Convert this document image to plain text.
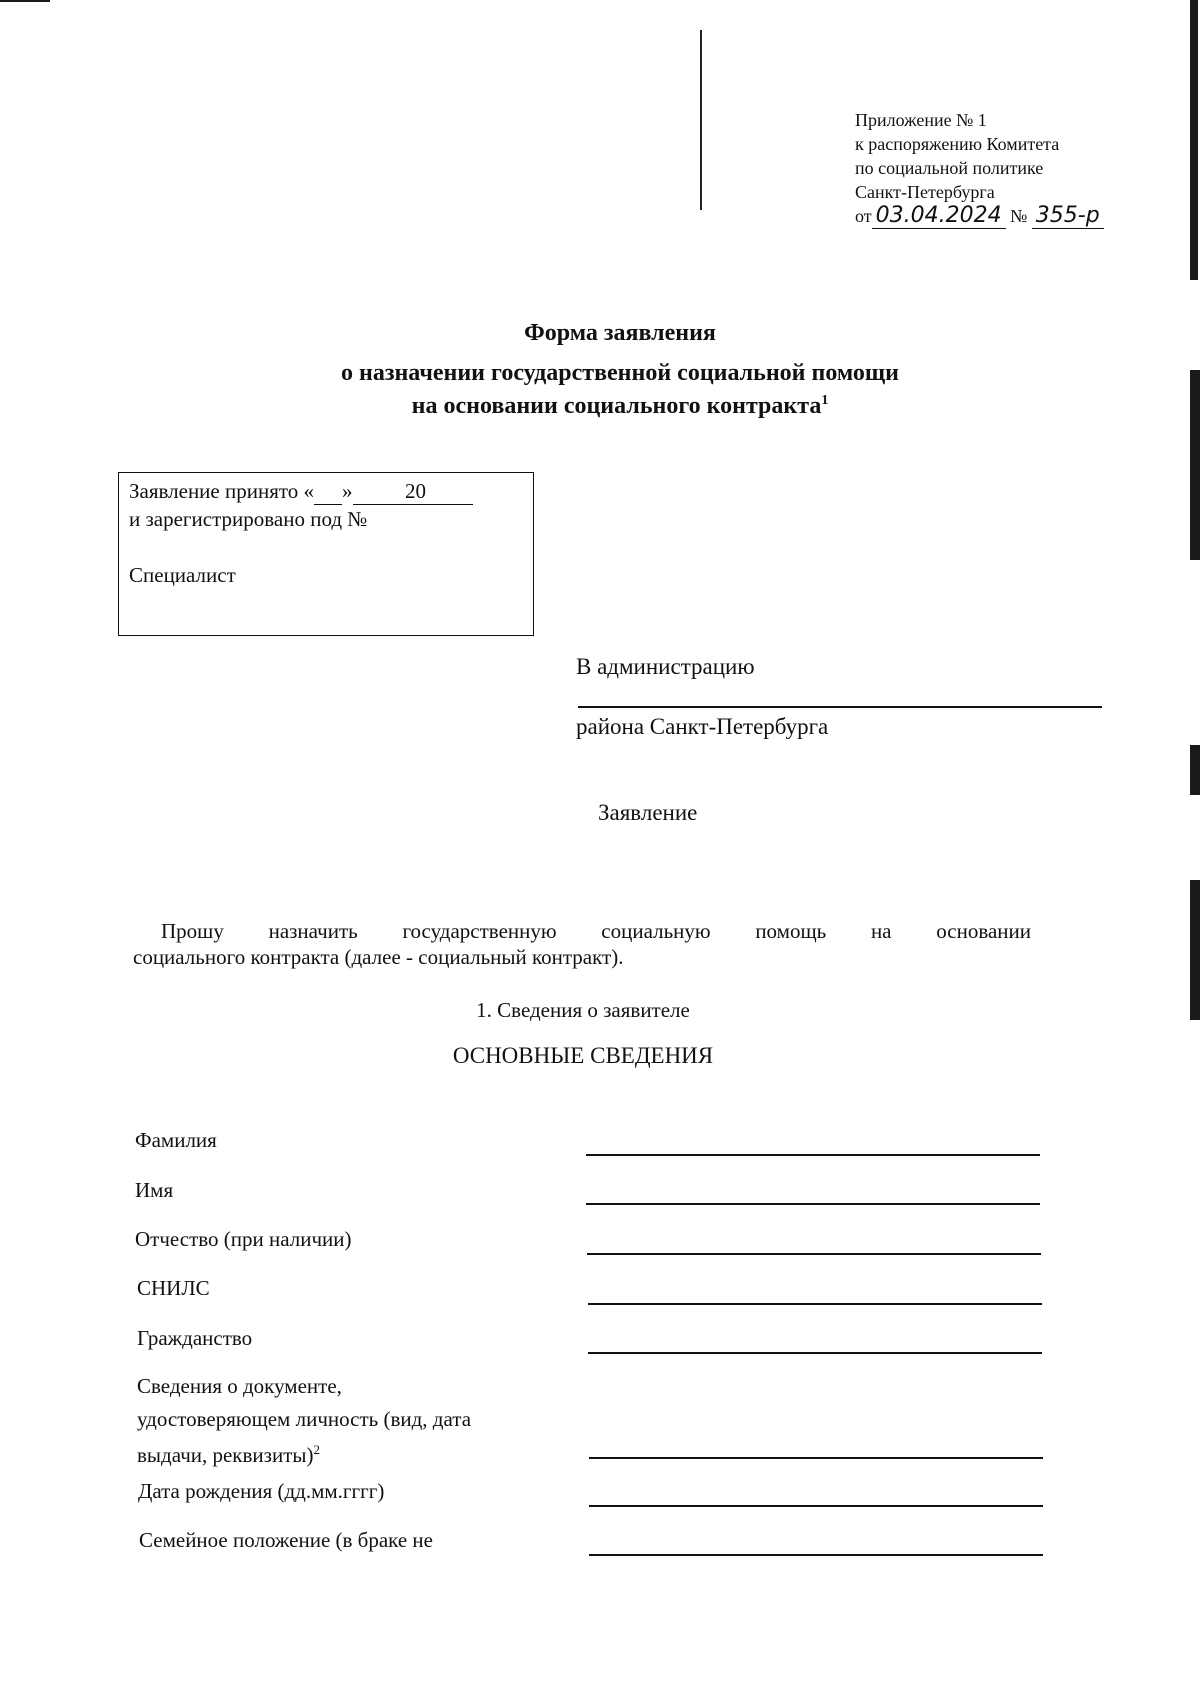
Приложение № 1
к распоряжению Комитета
по социальной политике
Санкт-Петербурга
от 03.04.2024 № 355-р
Форма заявления
о назначении государственной социальной помощи
на основании социального контракта$^1$
Заявление принято « »	20
и зарегистрировано под №
Специалист
В администрацию
района Санкт-Петербурга
Заявление
Прошу назначить государственную социальную помощь на основании
социального контракта (далее - социальный контракт).
1. Сведения о заявителе
ОСНОВНЫЕ СВЕДЕНИЯ
Фамилия
Имя
Отчество (при наличии)
СНИЛС
Гражданство
Сведения о документе,
удостоверяющем личность (вид, дата
выдачи, реквизиты)$^2$
Дата рождения (дд.мм.гггг)
Семейное положение (в браке не
